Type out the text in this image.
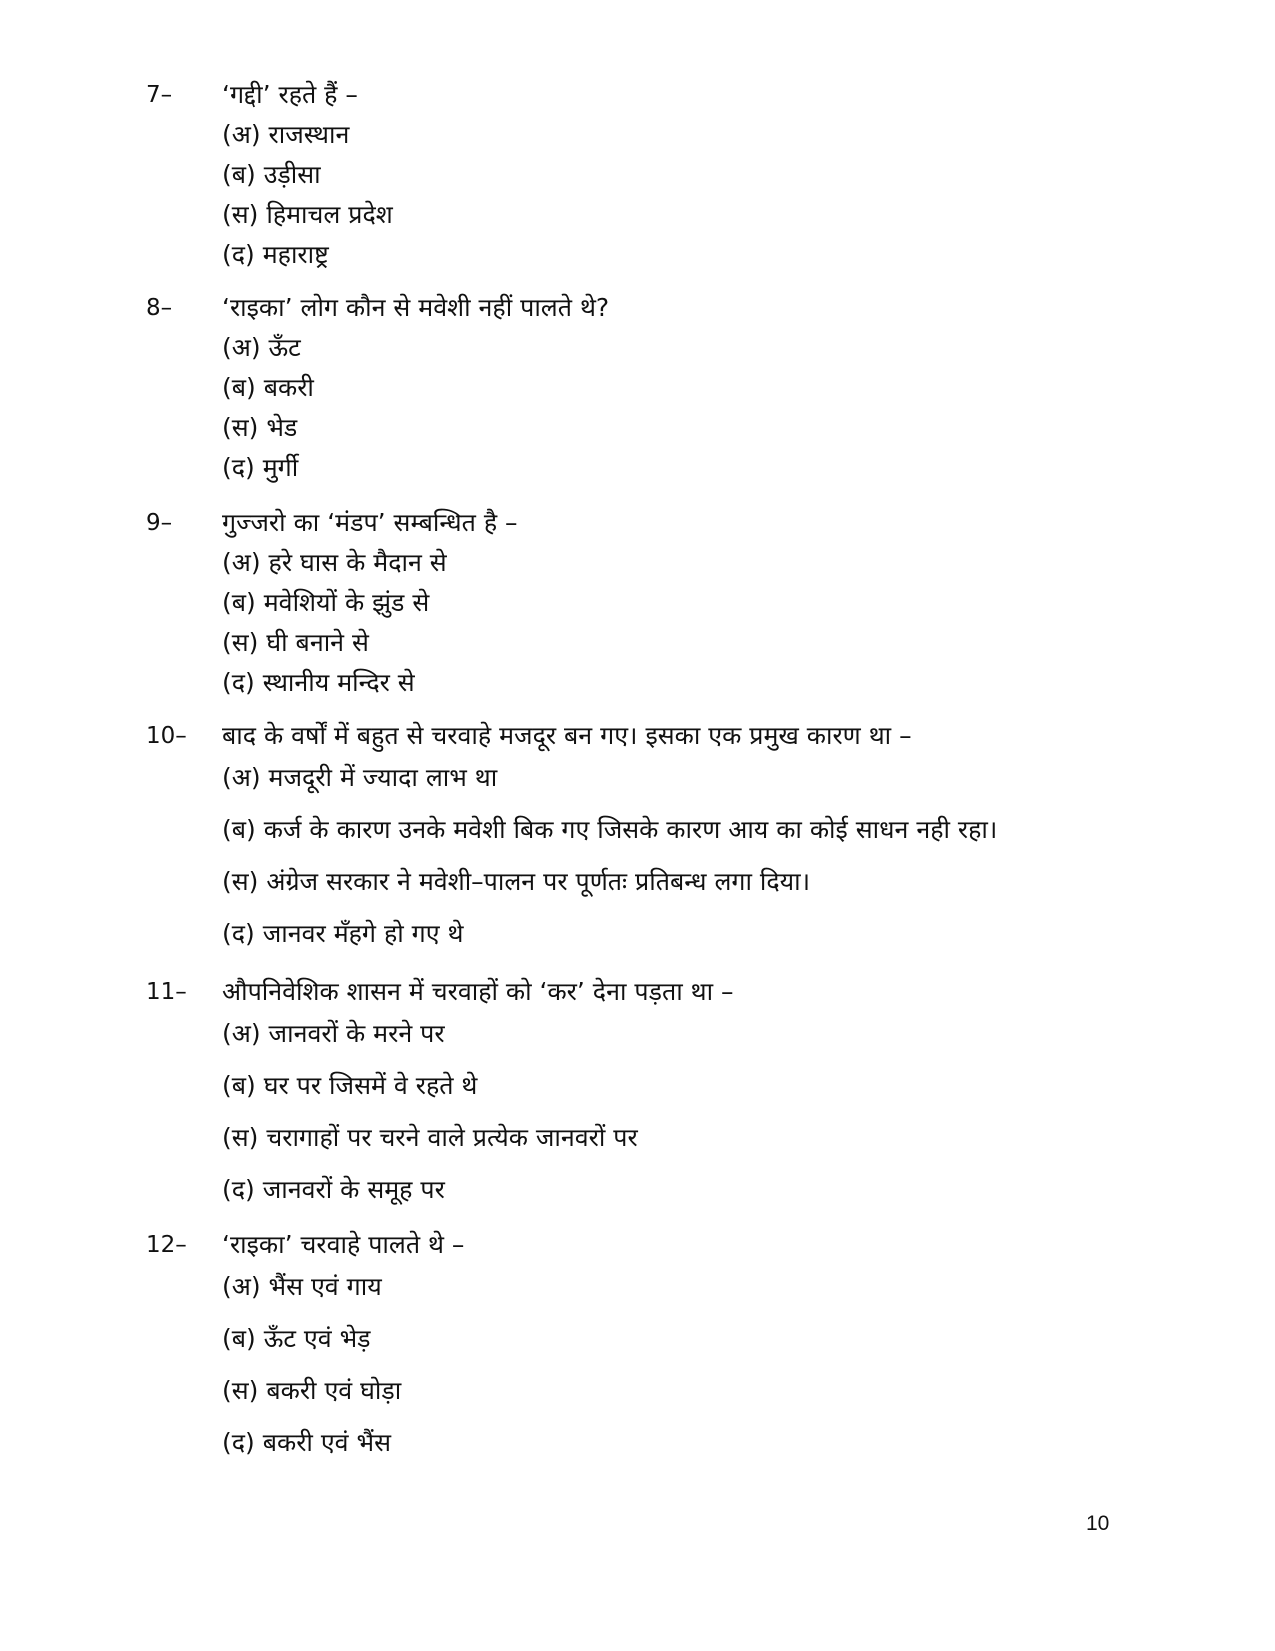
7–	‘गद्दी’ रहते हैं –
(अ) राजस्थान
(ब) उड़ीसा
(स) हिमाचल प्रदेश
(द) महाराष्ट्र
8–	‘राइका’ लोग कौन से मवेशी नहीं पालते थे?
(अ) ऊँट
(ब) बकरी
(स) भेड
(द) मुर्गी
9–	गुज्जरो का ‘मंडप’ सम्बन्धित है –
(अ) हरे घास के मैदान से
(ब) मवेशियों के झुंड से
(स) घी बनाने से
(द) स्थानीय मन्दिर से
10–	बाद के वर्षों में बहुत से चरवाहे मजदूर बन गए। इसका एक प्रमुख कारण था –
(अ) मजदूरी में ज्यादा लाभ था
(ब) कर्ज के कारण उनके मवेशी बिक गए जिसके कारण आय का कोई साधन नही रहा।
(स) अंग्रेज सरकार ने मवेशी–पालन पर पूर्णतः प्रतिबन्ध लगा दिया।
(द) जानवर मँहगे हो गए थे
11–	औपनिवेशिक शासन में चरवाहों को ‘कर’ देना पड़ता था –
(अ) जानवरों के मरने पर
(ब) घर पर जिसमें वे रहते थे
(स) चरागाहों पर चरने वाले प्रत्येक जानवरों पर
(द) जानवरों के समूह पर
12–	‘राइका’ चरवाहे पालते थे –
(अ) भैंस एवं गाय
(ब) ऊँट एवं भेड़
(स) बकरी एवं घोड़ा
(द) बकरी एवं भैंस
10
